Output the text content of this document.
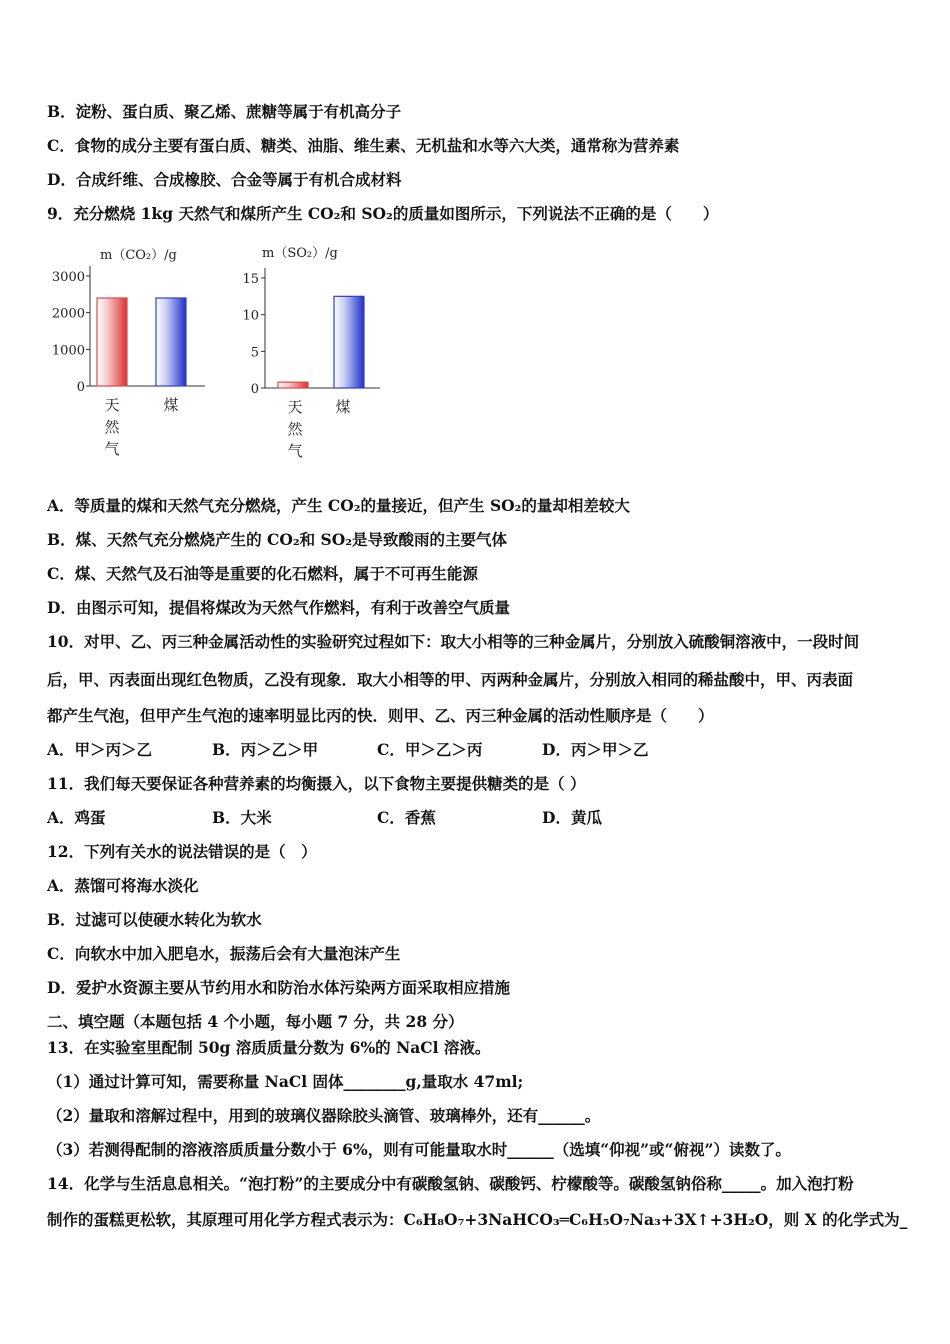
B．淀粉、蛋白质、聚乙烯、蔗糖等属于有机高分子
C．食物的成分主要有蛋白质、糖类、油脂、维生素、无机盐和水等六大类，通常称为营养素
D．合成纤维、合成橡胶、合金等属于有机合成材料
9．充分燃烧 1kg 天然气和煤所产生 CO₂和 SO₂的质量如图所示，下列说法不正确的是（　　）
m（CO₂）/g
3000
2000
1000
0
天
然
气
煤
m（SO₂）/g
15
10
5
0
天
然
气
煤
A．等质量的煤和天然气充分燃烧，产生 CO₂的量接近，但产生 SO₂的量却相差较大
B．煤、天然气充分燃烧产生的 CO₂和 SO₂是导致酸雨的主要气体
C．煤、天然气及石油等是重要的化石燃料，属于不可再生能源
D．由图示可知，提倡将煤改为天然气作燃料，有利于改善空气质量
10．对甲、乙、丙三种金属活动性的实验研究过程如下：取大小相等的三种金属片，分别放入硫酸铜溶液中，一段时间
后，甲、丙表面出现红色物质，乙没有现象．取大小相等的甲、丙两种金属片，分别放入相同的稀盐酸中，甲、丙表面
都产生气泡，但甲产生气泡的速率明显比丙的快．则甲、乙、丙三种金属的活动性顺序是（　　）
A．甲＞丙＞乙	B．丙＞乙＞甲	C．甲＞乙＞丙	D．丙＞甲＞乙
11．我们每天要保证各种营养素的均衡摄入，以下食物主要提供糖类的是（ ）
A．鸡蛋	B．大米	C．香蕉	D．黄瓜
12．下列有关水的说法错误的是（　）
A．蒸馏可将海水淡化
B．过滤可以使硬水转化为软水
C．向软水中加入肥皂水，振荡后会有大量泡沫产生
D．爱护水资源主要从节约用水和防治水体污染两方面采取相应措施
二、填空题（本题包括 4 个小题，每小题 7 分，共 28 分）
13．在实验室里配制 50g 溶质质量分数为 6%的 NaCl 溶液。
（1）通过计算可知，需要称量 NaCl 固体________g,量取水 47ml;
（2）量取和溶解过程中，用到的玻璃仪器除胶头滴管、玻璃棒外，还有______。
（3）若测得配制的溶液溶质质量分数小于 6%，则有可能量取水时______（选填“仰视”或“俯视”）读数了。
14．化学与生活息息相关。“泡打粉”的主要成分中有碳酸氢钠、碳酸钙、柠檬酸等。碳酸氢钠俗称_____。加入泡打粉
制作的蛋糕更松软，其原理可用化学方程式表示为：C₆H₈O₇+3NaHCO₃═C₆H₅O₇Na₃+3X↑+3H₂O，则 X 的化学式为_
